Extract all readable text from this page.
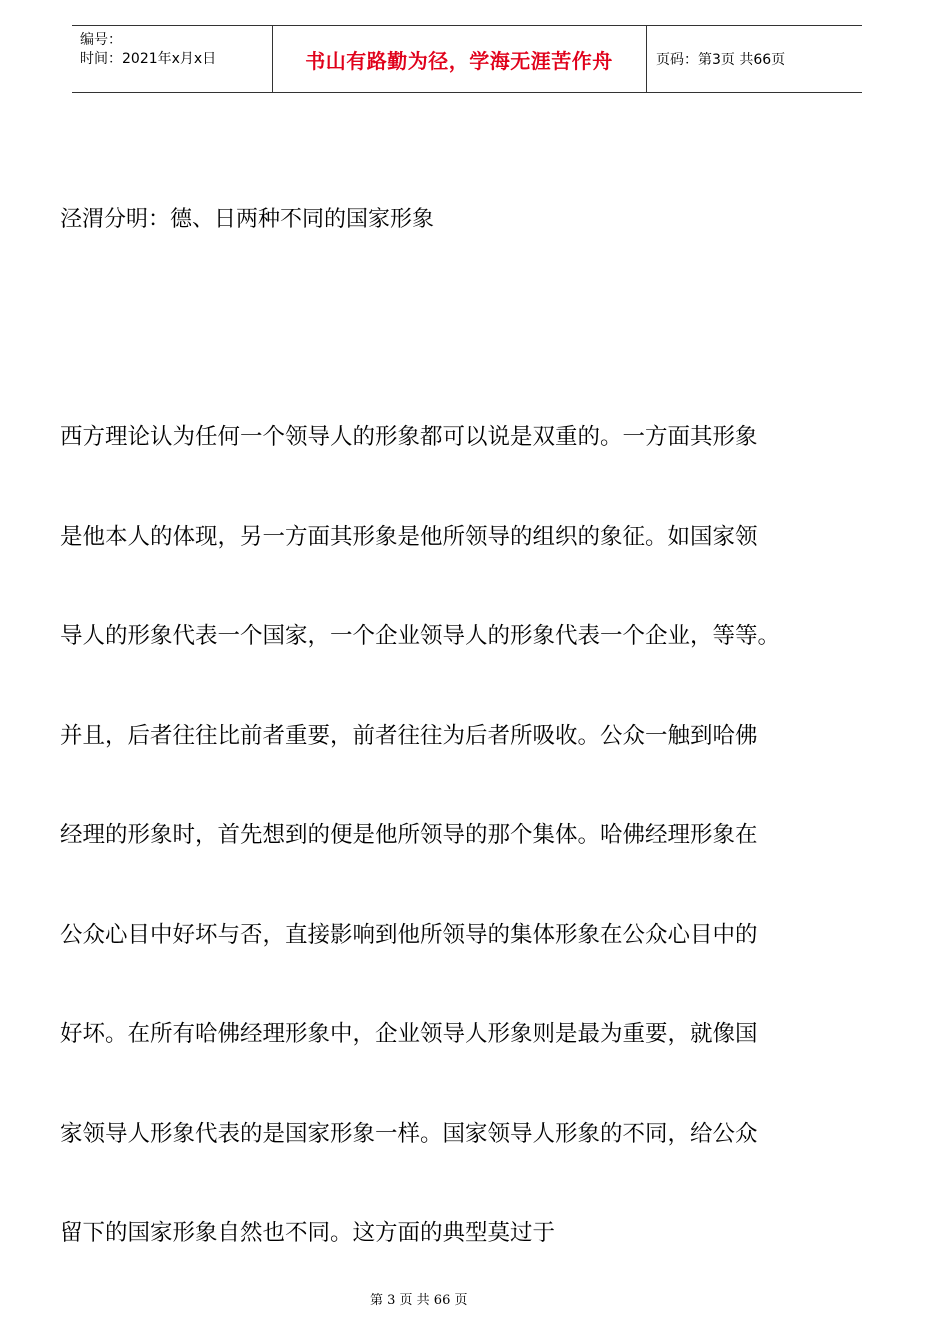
编号：
时间：2021年x月x日	书山有路勤为径，学海无涯苦作舟	页码：第3页 共66页
泾渭分明：德、日两种不同的国家形象
西方理论认为任何一个领导人的形象都可以说是双重的。一方面其形象
是他本人的体现，另一方面其形象是他所领导的组织的象征。如国家领
导人的形象代表一个国家，一个企业领导人的形象代表一个企业，等等。
并且，后者往往比前者重要，前者往往为后者所吸收。公众一触到哈佛
经理的形象时，首先想到的便是他所领导的那个集体。哈佛经理形象在
公众心目中好坏与否，直接影响到他所领导的集体形象在公众心目中的
好坏。在所有哈佛经理形象中，企业领导人形象则是最为重要，就像国
家领导人形象代表的是国家形象一样。国家领导人形象的不同，给公众
留下的国家形象自然也不同。这方面的典型莫过于
第 3 页 共 66 页
